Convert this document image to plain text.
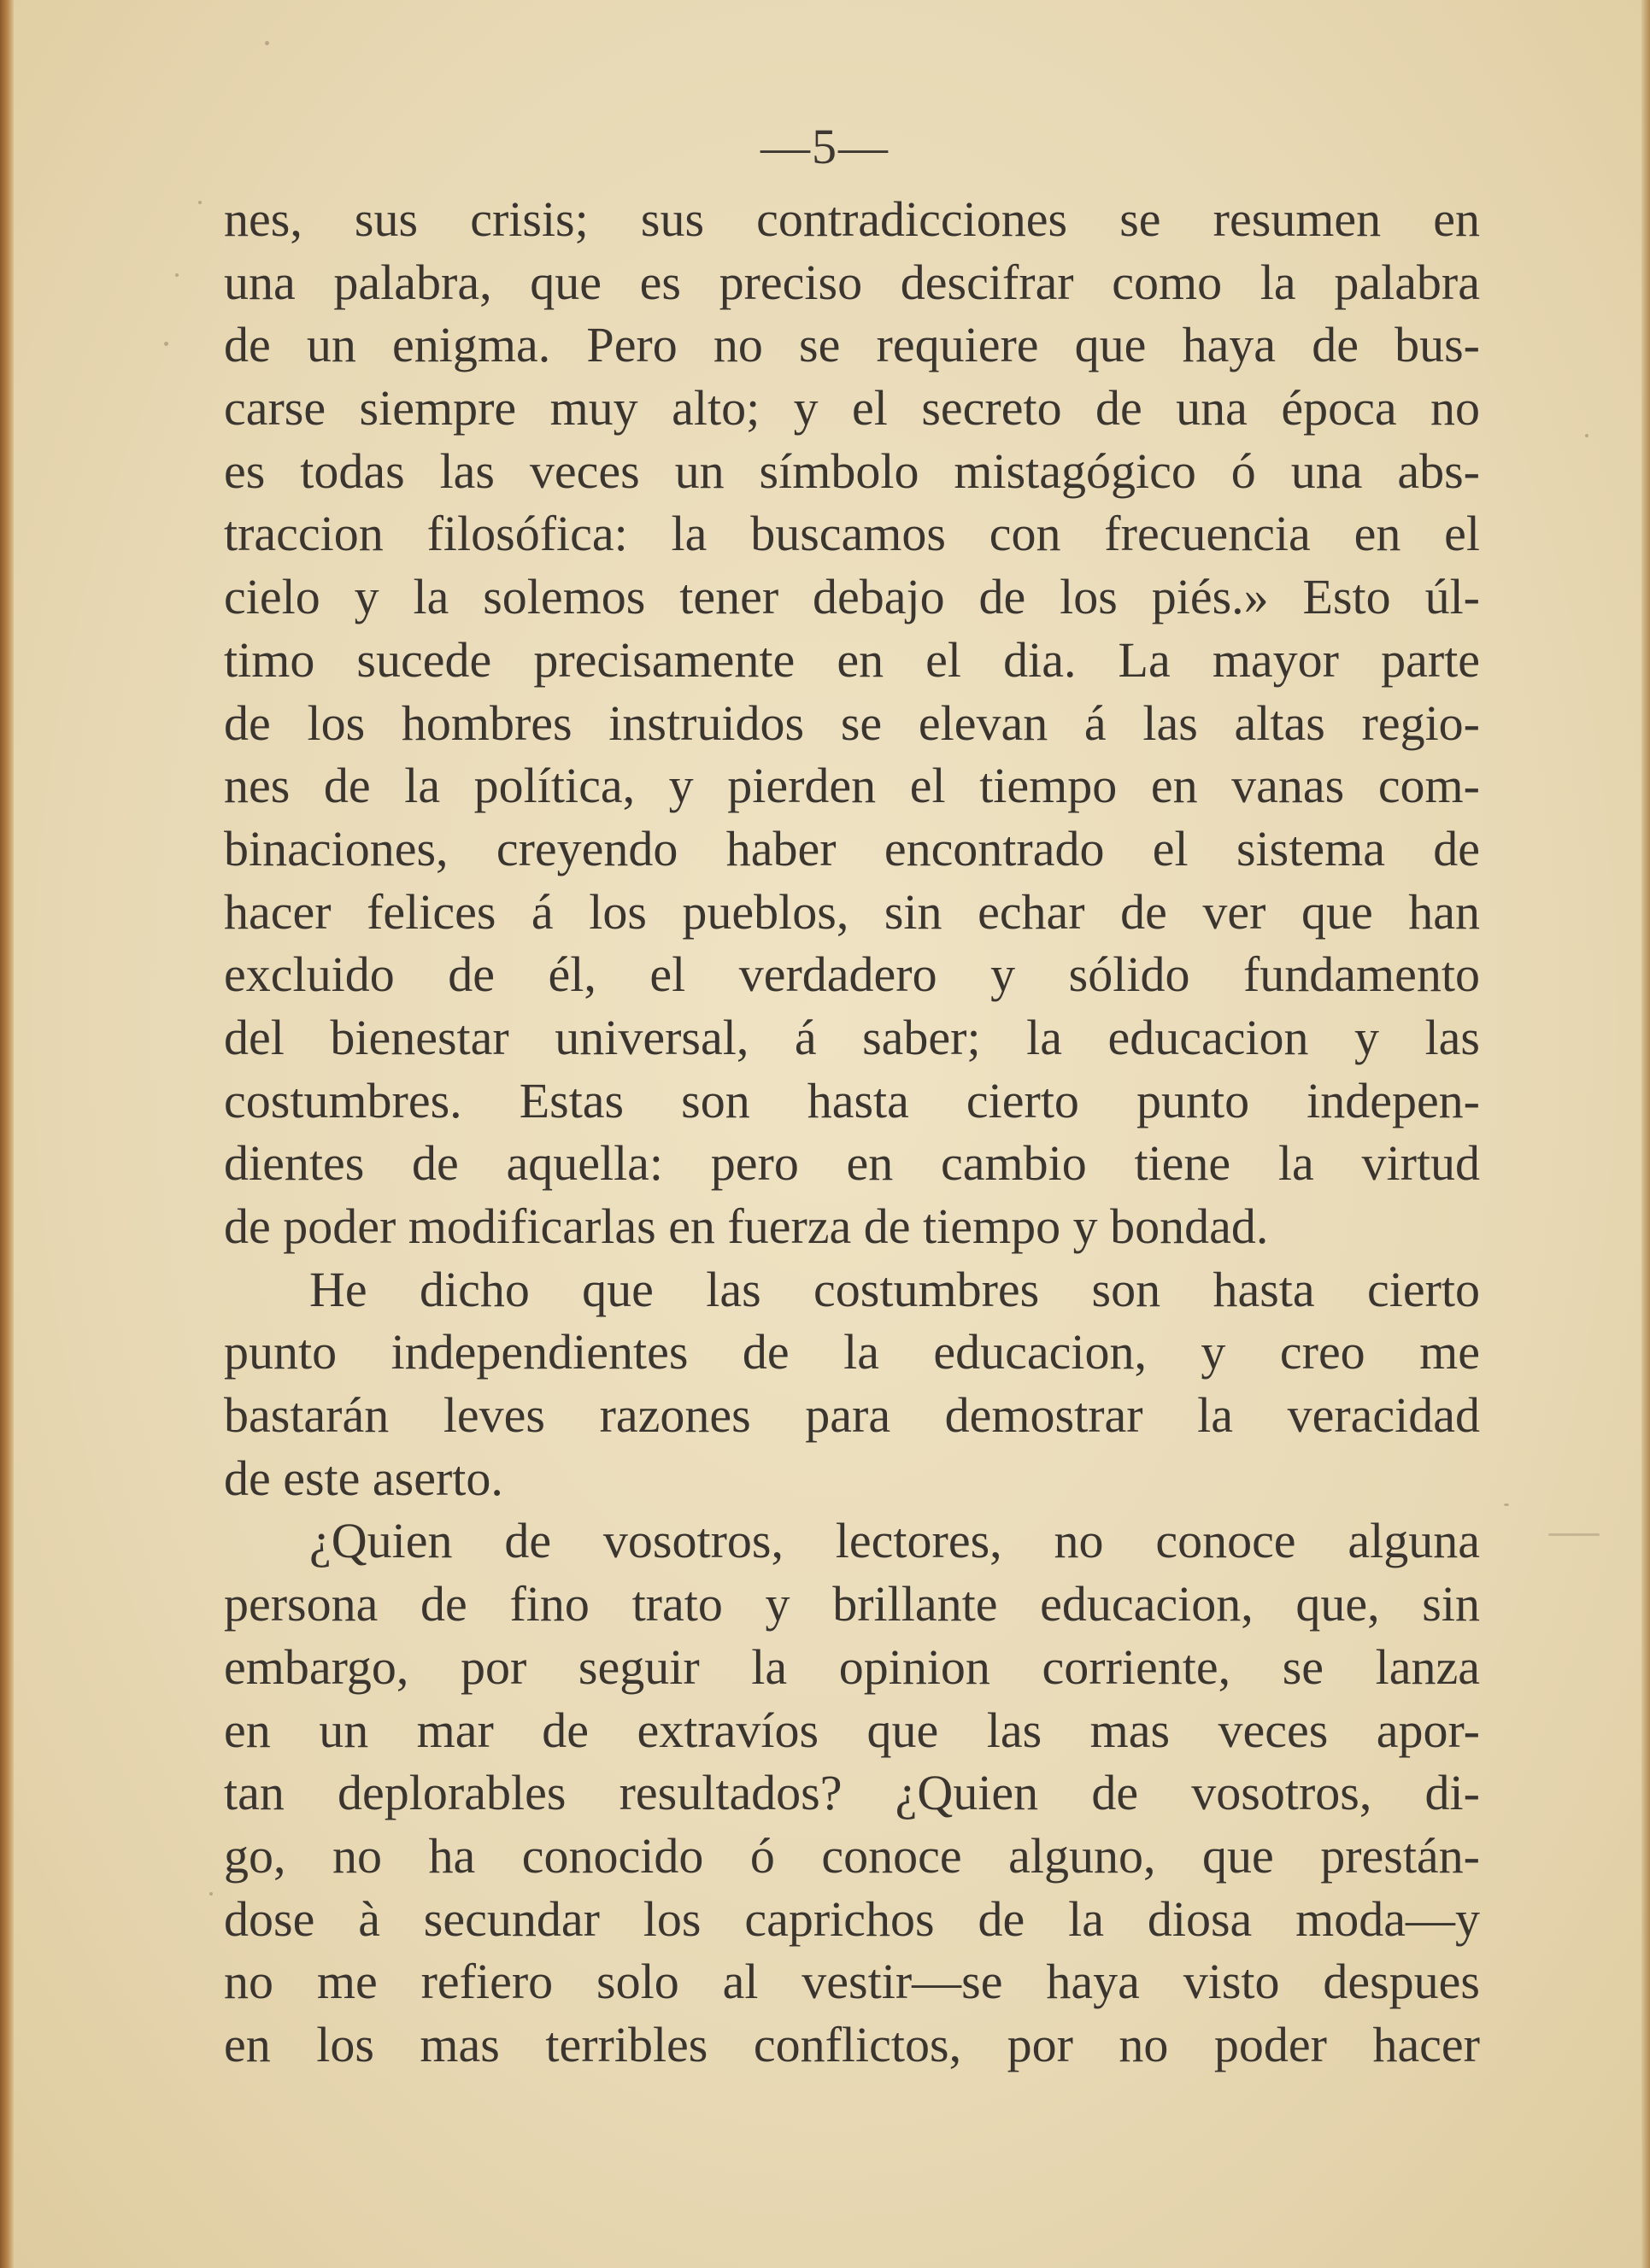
—5—
nes, sus crisis; sus contradicciones se resumen en
una palabra, que es preciso descifrar como la palabra
de un enigma. Pero no se requiere que haya de bus-
carse siempre muy alto; y el secreto de una época no
es todas las veces un símbolo mistagógico ó una abs-
traccion filosófica: la buscamos con frecuencia en el
cielo y la solemos tener debajo de los piés.» Esto úl-
timo sucede precisamente en el dia. La mayor parte
de los hombres instruidos se elevan á las altas regio-
nes de la política, y pierden el tiempo en vanas com-
binaciones, creyendo haber encontrado el sistema de
hacer felices á los pueblos, sin echar de ver que han
excluido de él, el verdadero y sólido fundamento
del bienestar universal, á saber; la educacion y las
costumbres. Estas son hasta cierto punto indepen-
dientes de aquella: pero en cambio tiene la virtud
de poder modificarlas en fuerza de tiempo y bondad.
He dicho que las costumbres son hasta cierto
punto independientes de la educacion, y creo me
bastarán leves razones para demostrar la veracidad
de este aserto.
¿Quien de vosotros, lectores, no conoce alguna
persona de fino trato y brillante educacion, que, sin
embargo, por seguir la opinion corriente, se lanza
en un mar de extravíos que las mas veces apor-
tan deplorables resultados? ¿Quien de vosotros, di-
go, no ha conocido ó conoce alguno, que prestán-
dose à secundar los caprichos de la diosa moda—y
no me refiero solo al vestir—se haya visto despues
en los mas terribles conflictos, por no poder hacer
